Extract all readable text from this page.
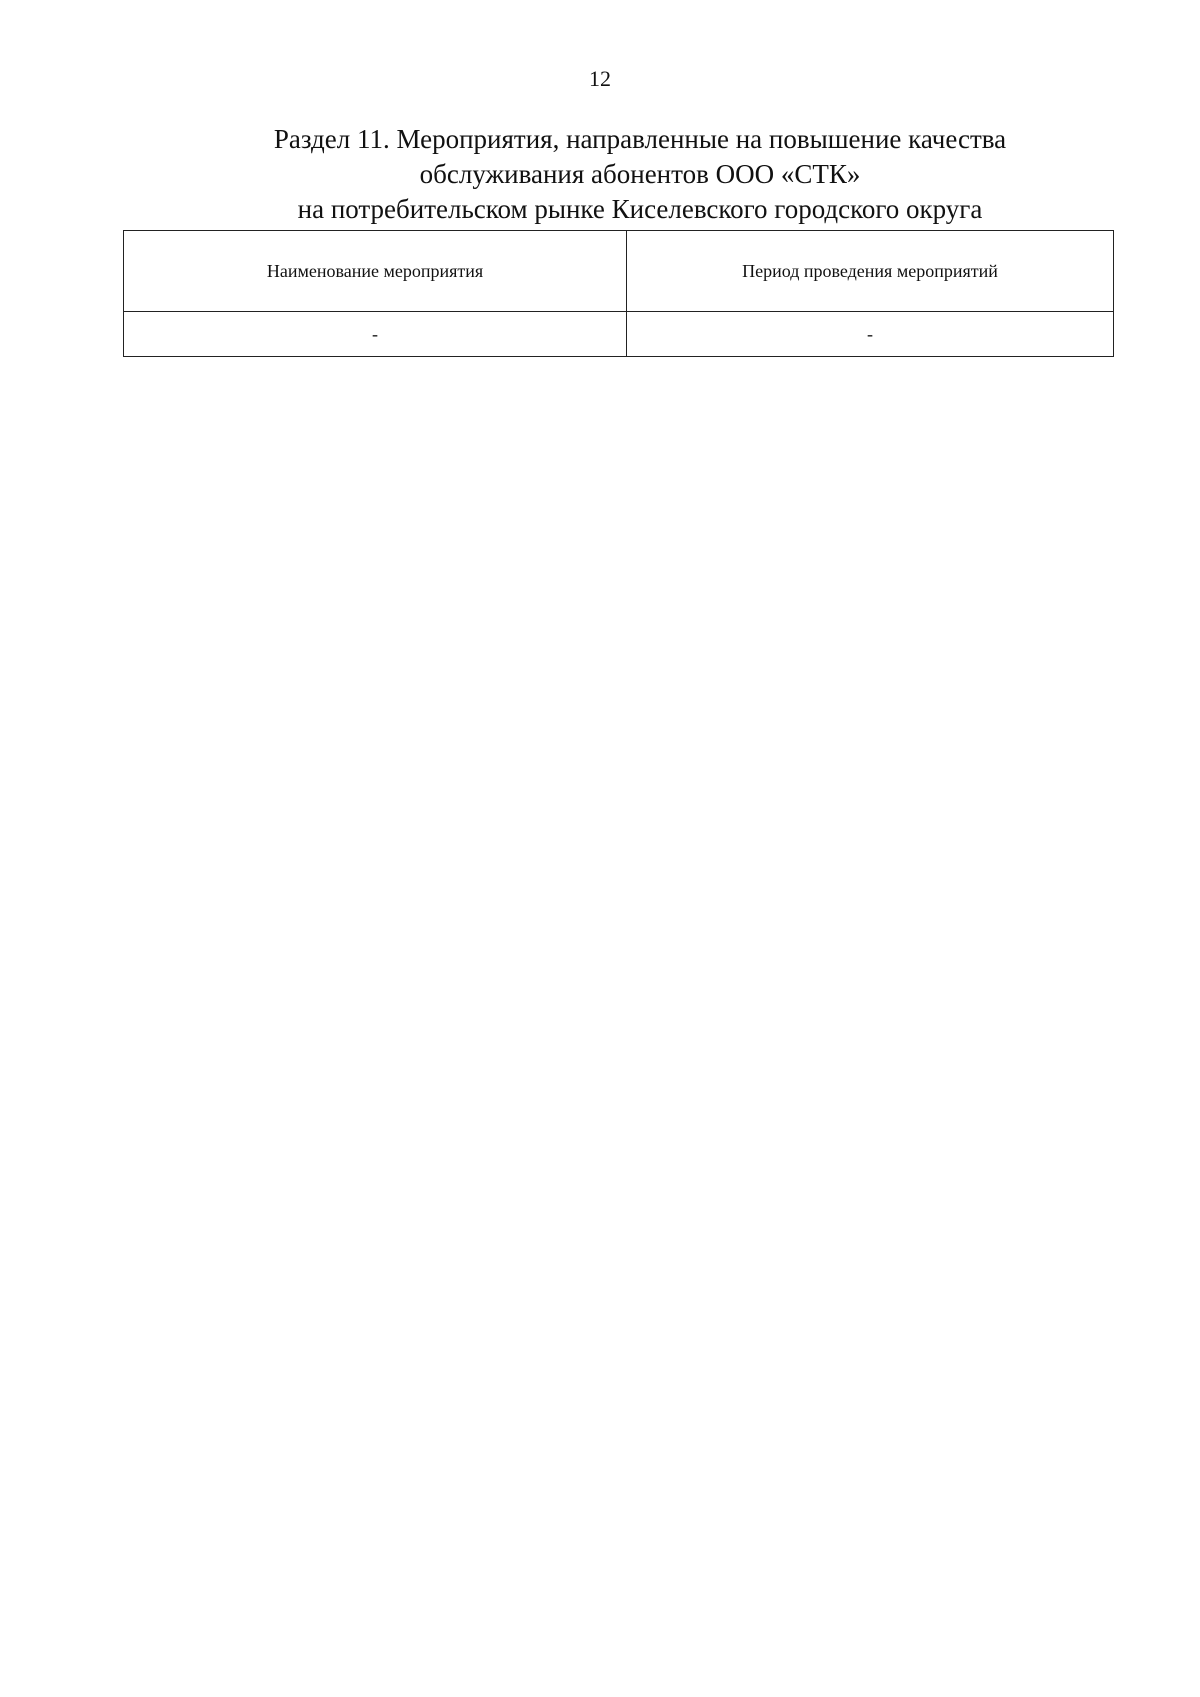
12
Раздел 11. Мероприятия, направленные на повышение качества
обслуживания абонентов ООО «СТК»
на потребительском рынке Киселевского городского округа
Наименование мероприятия	Период проведения мероприятий
-	-
